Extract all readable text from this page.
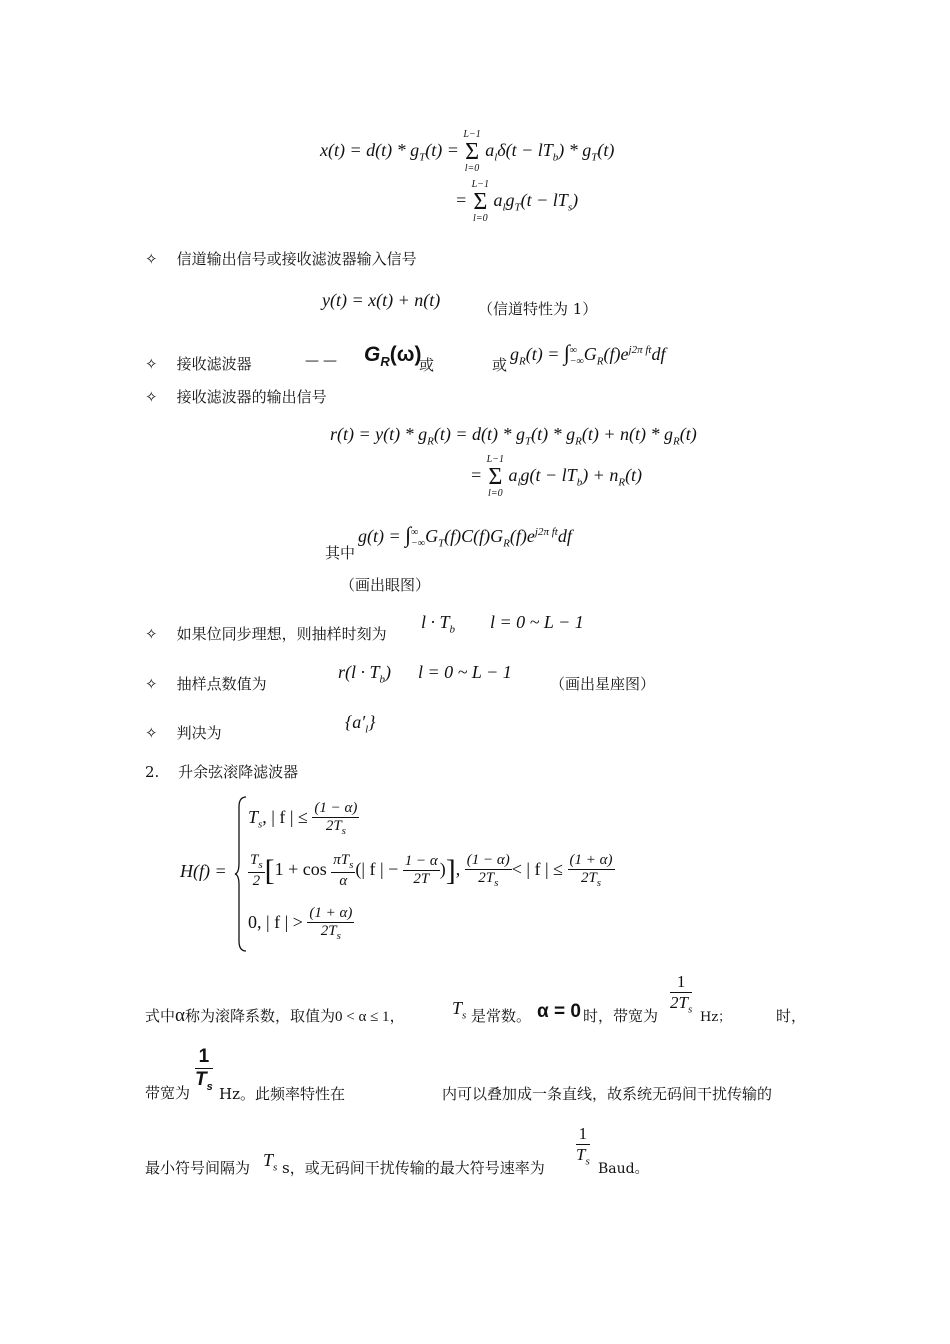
$x(t) = d(t) * g_T(t) = L-1$
Σ
l=0 $a_l\delta(t - lT_b) * g_T(t)$
= L−1
Σ
l=0 $a_lg_T(t - lT_s)$
✧ 信道输出信号或接收滤波器输入信号
y(t) = x(t) + n(t)	（信道特性为 1）
✧ 接收滤波器	—— $G_R(\omega)$
或	或
$g_R(t)$ = ∫∞
$-\infty G_R(f)e^{j2\pi ft}df$
✧ 接收滤波器的输出信号
$r(t) = y(t) * g_R(t) = d(t) * g_T(t) * g_R(t) + n(t) * g_R(t)$
= L−1
Σ
l=0 $a_lg(t - lT_b) + n_R(t)$
其中
g(t) = ∫∞
$-\infty G_T(f)C(f)G_R(f)e^{j2\pi ft}df$
（画出眼图）
✧ 如果位同步理想，则抽样时刻为
$l \cdot T_b$ l = 0 ~ L − 1
✧ 抽样点数值为
$r(l \cdot T_b)$ l = 0 ~ L − 1
（画出星座图）
✧ 判决为
$\{a'_l\}$
2. 升余弦滚降滤波器
H(f) =
$T_s$, | f | ≤ $\frac{(1 - \alpha)}{2T_s}$
$\frac{T_s}{2} [1 + \cos \frac{\pi T_s}{\alpha}$ (| f | − $\frac{1 - \alpha}{2T}$ )], $\frac{(1 - \alpha)}{2T_s}$ < | f | ≤ $\frac{(1 + \alpha)}{2T_s}$
0, | f | > $\frac{(1 + \alpha)}{2T_s}$
式中α称为滚降系数，取值为0 < α ≤ 1，	$T_s$ 是常数。 α = 0 时，带宽为
$\frac{1}{2T_s}$
Hz；	时，
带宽为 $\frac{1}{T_s}$
Hz。此频率特性在	内可以叠加成一条直线，故系统无码间干扰传输的
最小符号间隔为 $T_s$ s，或无码间干扰传输的最大符号速率为
$\frac{1}{T_s}$
Baud。
